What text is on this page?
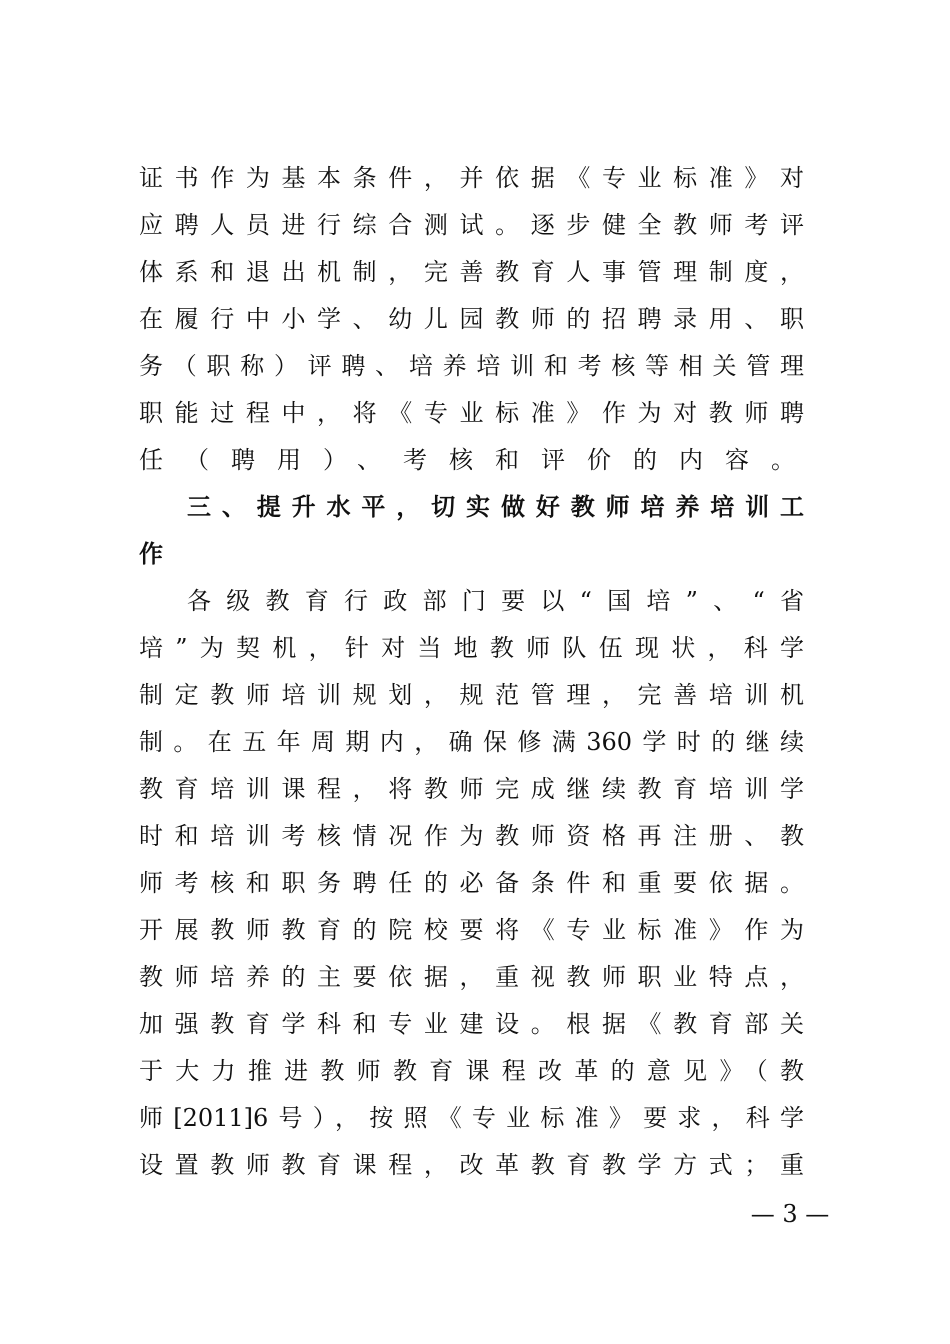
证书作为基本条件，并依据《专业标准》对
应聘人员进行综合测试。逐步健全教师考评
体系和退出机制，完善教育人事管理制度，
在履行中小学、幼儿园教师的招聘录用、职
务（职称）评聘、培养培训和考核等相关管理
职能过程中，将《专业标准》作为对教师聘
任（聘用）、考核和评价的内容。
三、提升水平，切实做好教师培养培训工
作
各级教育行政部门要以“国培”、“省
培”为契机，针对当地教师队伍现状，科学
制定教师培训规划，规范管理，完善培训机
制。在五年周期内，确保修满360学时的继续
教育培训课程，将教师完成继续教育培训学
时和培训考核情况作为教师资格再注册、教
师考核和职务聘任的必备条件和重要依据。
开展教师教育的院校要将《专业标准》作为
教师培养的主要依据，重视教师职业特点，
加强教育学科和专业建设。根据《教育部关
于大力推进教师教育课程改革的意见》（教
师[2011]6号），按照《专业标准》要求，科学
设置教师教育课程，改革教育教学方式；重
— 3 —
